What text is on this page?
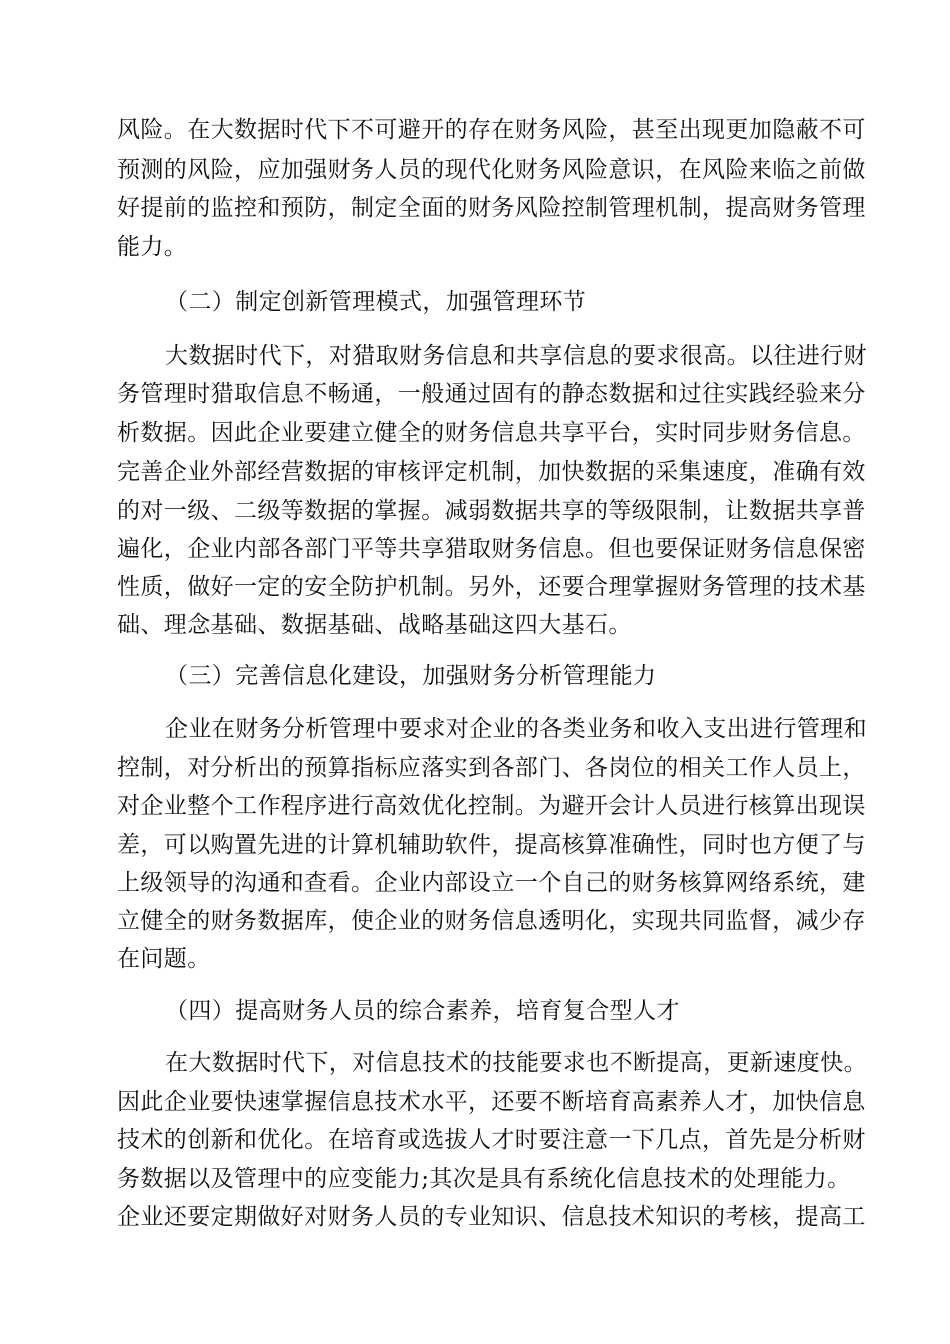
风险。在大数据时代下不可避开的存在财务风险，甚至出现更加隐蔽不可
预测的风险，应加强财务人员的现代化财务风险意识，在风险来临之前做
好提前的监控和预防，制定全面的财务风险控制管理机制，提高财务管理
能力。
（二）制定创新管理模式，加强管理环节
大数据时代下，对猎取财务信息和共享信息的要求很高。以往进行财
务管理时猎取信息不畅通，一般通过固有的静态数据和过往实践经验来分
析数据。因此企业要建立健全的财务信息共享平台，实时同步财务信息。
完善企业外部经营数据的审核评定机制，加快数据的采集速度，准确有效
的对一级、二级等数据的掌握。减弱数据共享的等级限制，让数据共享普
遍化，企业内部各部门平等共享猎取财务信息。但也要保证财务信息保密
性质，做好一定的安全防护机制。另外，还要合理掌握财务管理的技术基
础、理念基础、数据基础、战略基础这四大基石。
（三）完善信息化建设，加强财务分析管理能力
企业在财务分析管理中要求对企业的各类业务和收入支出进行管理和
控制，对分析出的预算指标应落实到各部门、各岗位的相关工作人员上，
对企业整个工作程序进行高效优化控制。为避开会计人员进行核算出现误
差，可以购置先进的计算机辅助软件，提高核算准确性，同时也方便了与
上级领导的沟通和查看。企业内部设立一个自己的财务核算网络系统，建
立健全的财务数据库，使企业的财务信息透明化，实现共同监督，减少存
在问题。
（四）提高财务人员的综合素养，培育复合型人才
在大数据时代下，对信息技术的技能要求也不断提高，更新速度快。
因此企业要快速掌握信息技术水平，还要不断培育高素养人才，加快信息
技术的创新和优化。在培育或选拔人才时要注意一下几点，首先是分析财
务数据以及管理中的应变能力;其次是具有系统化信息技术的处理能力。
企业还要定期做好对财务人员的专业知识、信息技术知识的考核，提高工
